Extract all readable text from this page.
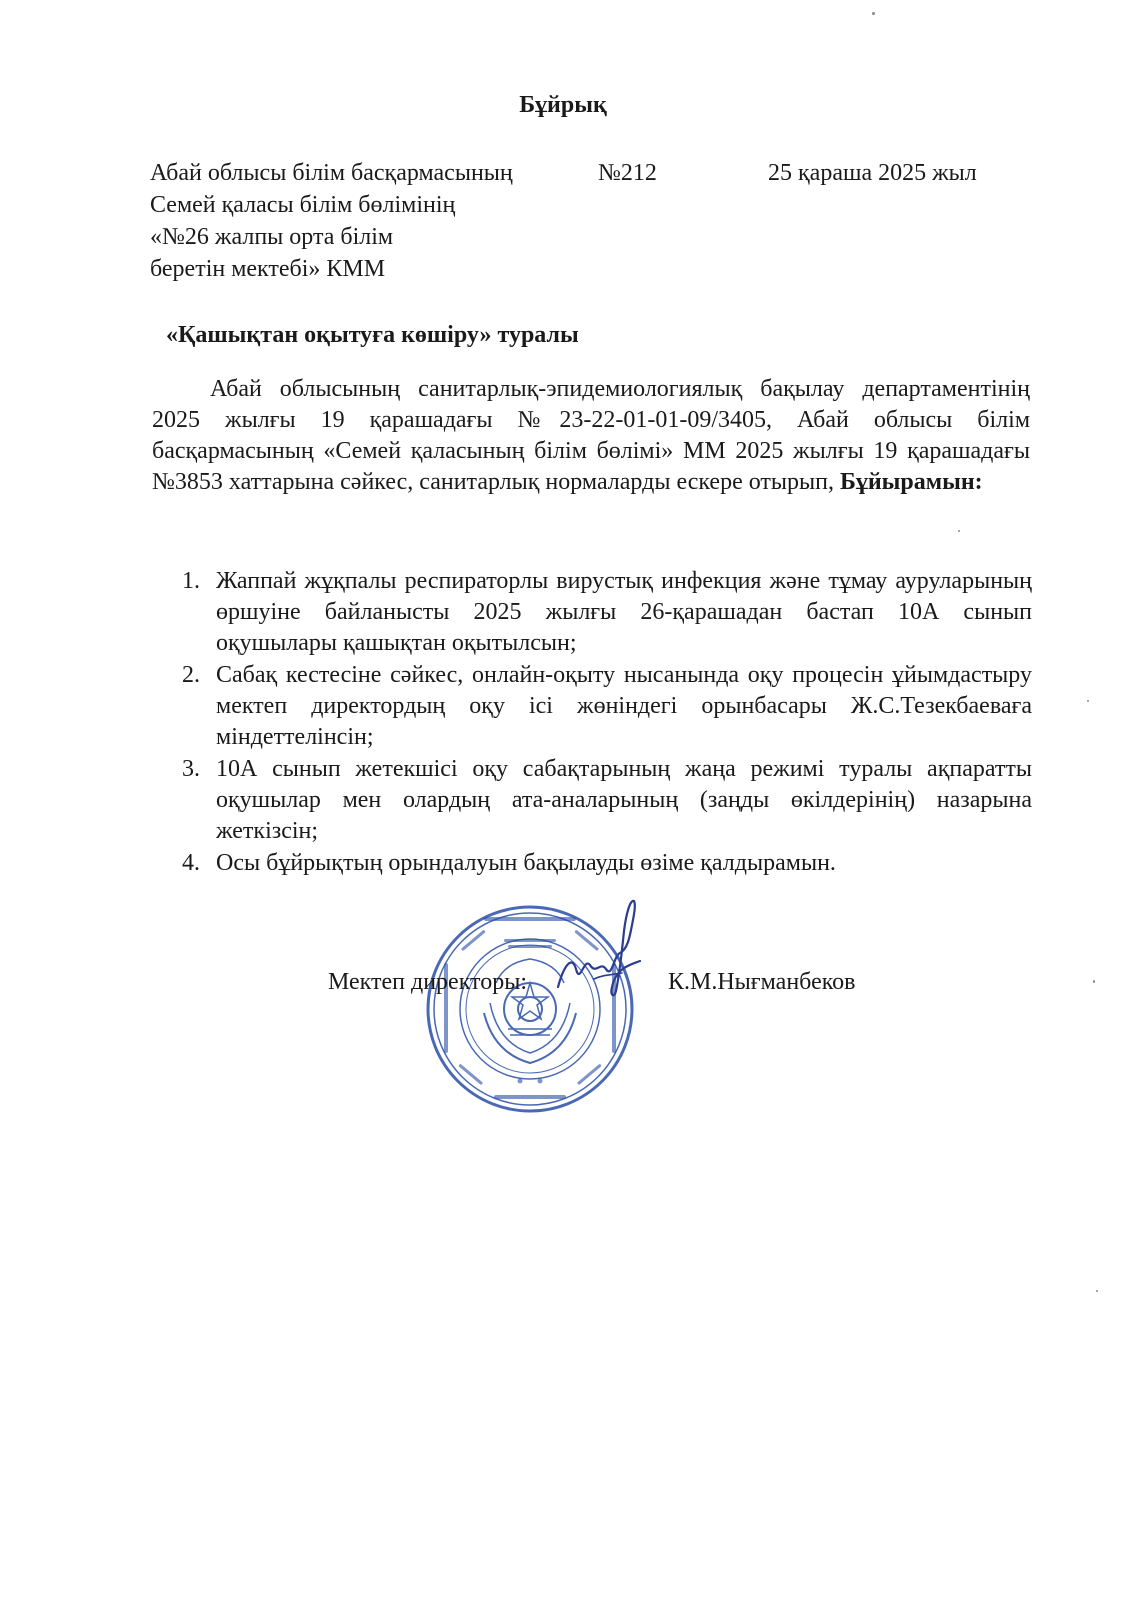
Бұйрық
Абай облысы білім басқармасының
Семей қаласы білім бөлімінің
«№26 жалпы орта білім
беретін мектебі» КММ
№212	25 қараша 2025 жыл
«Қашықтан оқытуға көшіру» туралы
Абай облысының санитарлық-эпидемиологиялық бақылау департаментінің 2025 жылғы 19 қарашадағы №23-22-01-01-09/3405, Абай облысы білім басқармасының «Семей қаласының білім бөлімі» ММ 2025 жылғы 19 қарашадағы №3853 хаттарына сәйкес, санитарлық нормаларды ескере отырып, Бұйырамын:
1. Жаппай жұқпалы респираторлы вирустық инфекция және тұмау ауруларының өршуіне байланысты 2025 жылғы 26-қарашадан бастап 10А сынып оқушылары қашықтан оқытылсын;
2. Сабақ кестесіне сәйкес, онлайн-оқыту нысанында оқу процесін ұйымдастыру мектеп директордың оқу ісі жөніндегі орынбасары Ж.С.Тезекбаеваға міндеттелінсін;
3. 10А сынып жетекшісі оқу сабақтарының жаңа режимі туралы ақпаратты оқушылар мен олардың ата-аналарының (заңды өкілдерінің) назарына жеткізсін;
4. Осы бұйрықтың орындалуын бақылауды өзіме қалдырамын.
Мектеп директоры:	К.М.Нығманбеков
